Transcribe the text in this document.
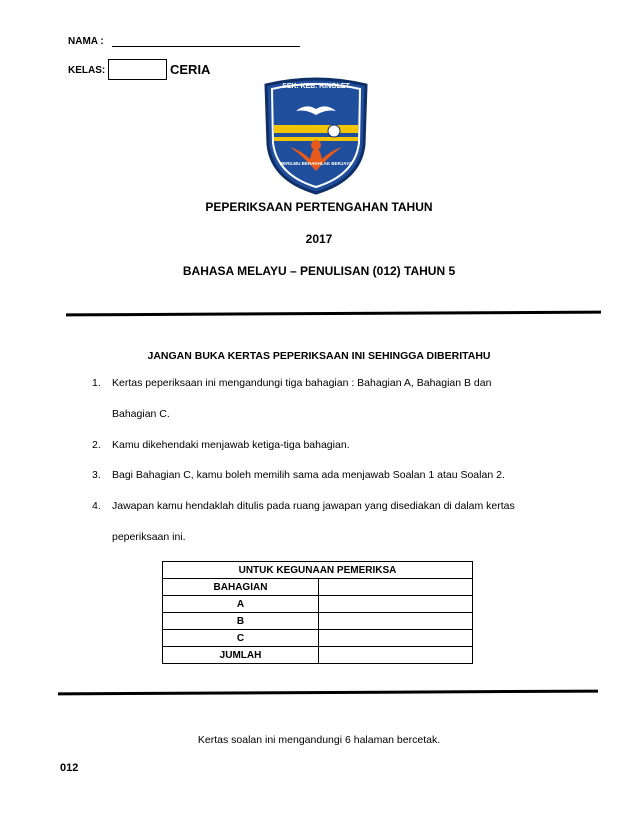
NAMA :
KELAS:	CERIA
SEK. KEB. RINGLET
BERILMU BERAKHLAK BERJAYA
PEPERIKSAAN PERTENGAHAN TAHUN
2017
BAHASA MELAYU – PENULISAN (012) TAHUN 5
JANGAN BUKA KERTAS PEPERIKSAAN INI SEHINGGA DIBERITAHU
1. Kertas peperiksaan ini mengandungi tiga bahagian : Bahagian A, Bahagian B dan
Bahagian C.
2. Kamu dikehendaki menjawab ketiga-tiga bahagian.
3. Bagi Bahagian C, kamu boleh memilih sama ada menjawab Soalan 1 atau Soalan 2.
4. Jawapan kamu hendaklah ditulis pada ruang jawapan yang disediakan di dalam kertas
peperiksaan ini.
UNTUK KEGUNAAN PEMERIKSA	
BAHAGIAN	
A	
B	
C	
JUMLAH	
Kertas soalan ini mengandungi 6 halaman bercetak.
012
